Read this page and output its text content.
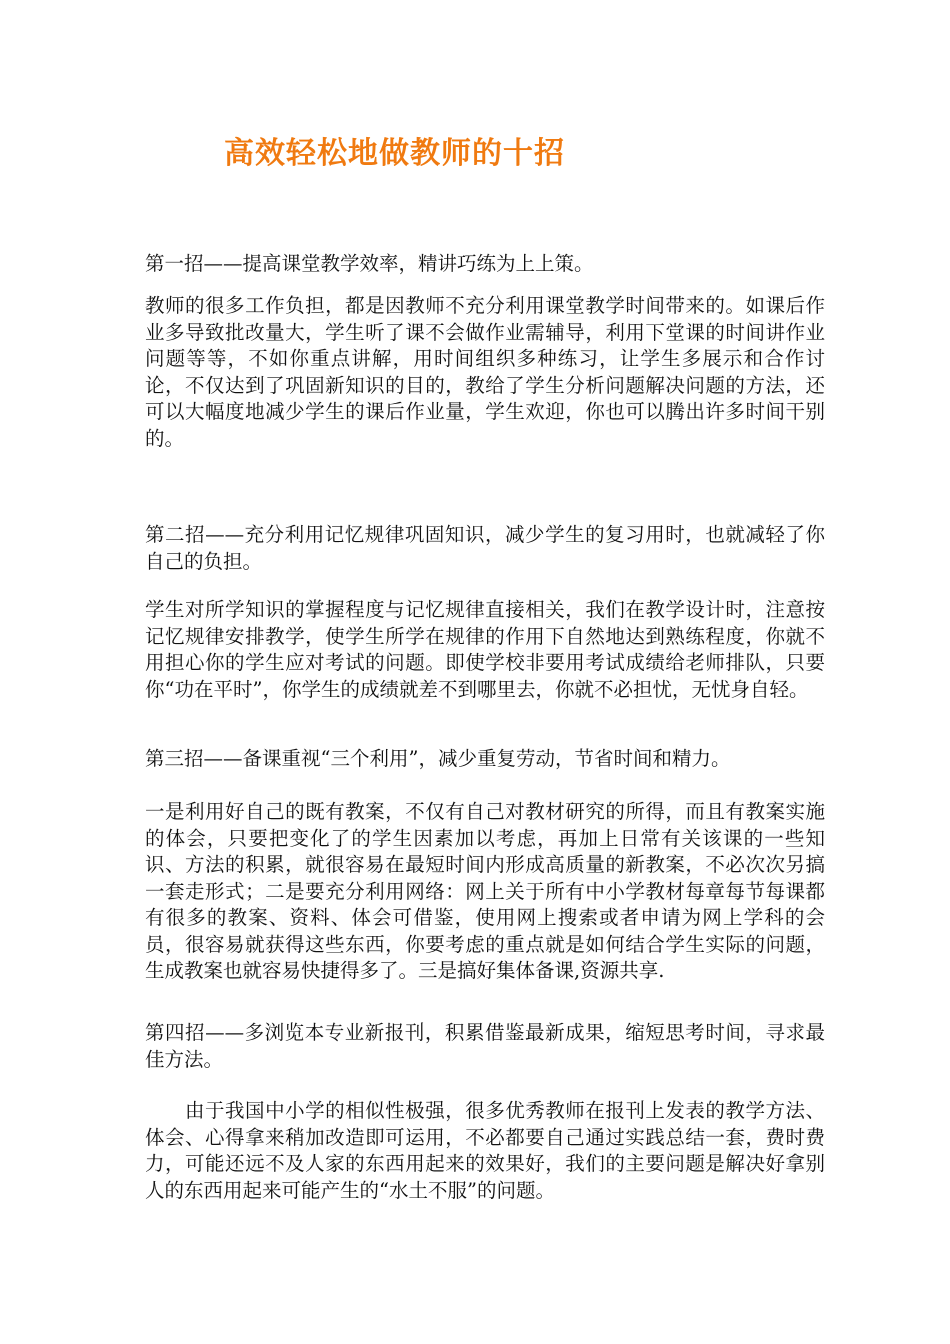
高效轻松地做教师的十招

第一招——提高课堂教学效率，精讲巧练为上上策。

教师的很多工作负担，都是因教师不充分利用课堂教学时间带来的。如课后作业多导致批改量大，学生听了课不会做作业需辅导，利用下堂课的时间讲作业问题等等，不如你重点讲解，用时间组织多种练习，让学生多展示和合作讨论，不仅达到了巩固新知识的目的，教给了学生分析问题解决问题的方法，还可以大幅度地减少学生的课后作业量，学生欢迎，你也可以腾出许多时间干别的。

第二招——充分利用记忆规律巩固知识，减少学生的复习用时，也就减轻了你自己的负担。

学生对所学知识的掌握程度与记忆规律直接相关，我们在教学设计时，注意按记忆规律安排教学，使学生所学在规律的作用下自然地达到熟练程度，你就不用担心你的学生应对考试的问题。即使学校非要用考试成绩给老师排队，只要你“功在平时”，你学生的成绩就差不到哪里去，你就不必担忧，无忧身自轻。

第三招——备课重视“三个利用”，减少重复劳动，节省时间和精力。

一是利用好自己的既有教案，不仅有自己对教材研究的所得，而且有教案实施的体会，只要把变化了的学生因素加以考虑，再加上日常有关该课的一些知识、方法的积累，就很容易在最短时间内形成高质量的新教案，不必次次另搞一套走形式；二是要充分利用网络：网上关于所有中小学教材每章每节每课都有很多的教案、资料、体会可借鉴，使用网上搜索或者申请为网上学科的会员，很容易就获得这些东西，你要考虑的重点就是如何结合学生实际的问题，生成教案也就容易快捷得多了。三是搞好集体备课,资源共享.

第四招——多浏览本专业新报刊，积累借鉴最新成果，缩短思考时间，寻求最佳方法。

由于我国中小学的相似性极强，很多优秀教师在报刊上发表的教学方法、体会、心得拿来稍加改造即可运用，不必都要自己通过实践总结一套，费时费力，可能还远不及人家的东西用起来的效果好，我们的主要问题是解决好拿别人的东西用起来可能产生的“水土不服”的问题。
